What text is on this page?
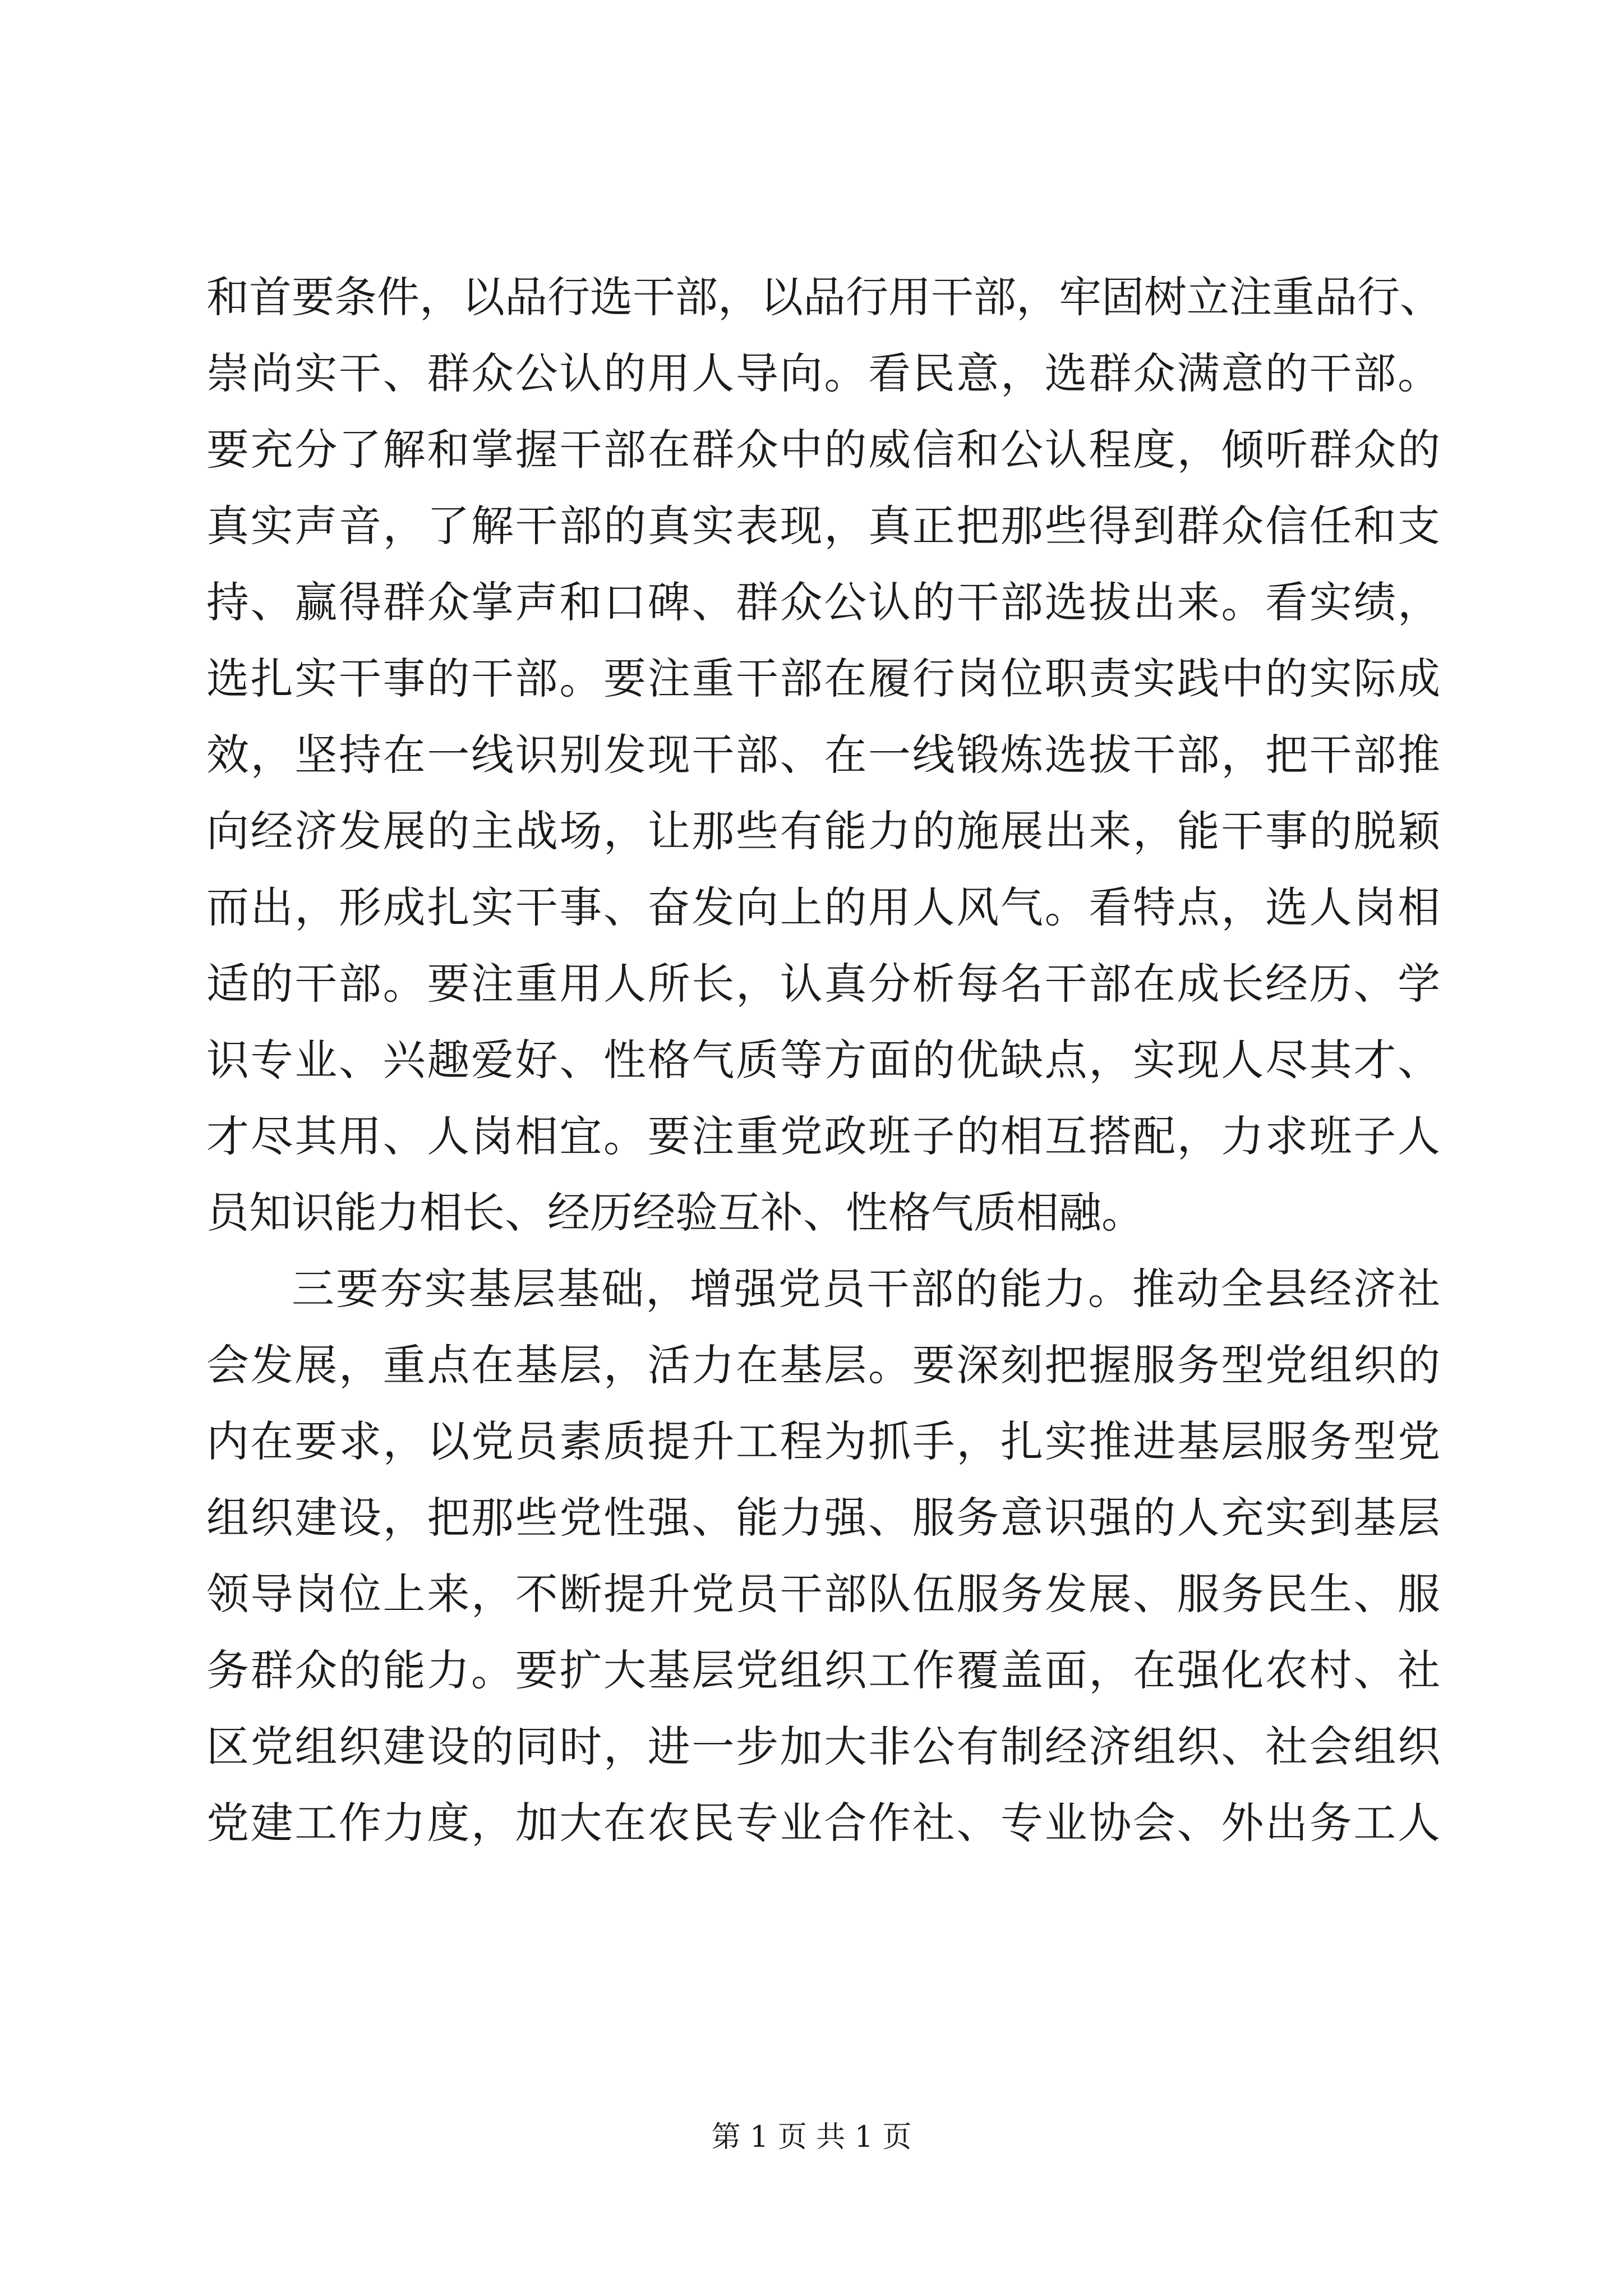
和首要条件，以品行选干部，以品行用干部，牢固树立注重品行、
崇尚实干、群众公认的用人导向。看民意，选群众满意的干部。
要充分了解和掌握干部在群众中的威信和公认程度，倾听群众的
真实声音，了解干部的真实表现，真正把那些得到群众信任和支
持、赢得群众掌声和口碑、群众公认的干部选拔出来。看实绩，
选扎实干事的干部。要注重干部在履行岗位职责实践中的实际成
效，坚持在一线识别发现干部、在一线锻炼选拔干部，把干部推
向经济发展的主战场，让那些有能力的施展出来，能干事的脱颖
而出，形成扎实干事、奋发向上的用人风气。看特点，选人岗相
适的干部。要注重用人所长，认真分析每名干部在成长经历、学
识专业、兴趣爱好、性格气质等方面的优缺点，实现人尽其才、
才尽其用、人岗相宜。要注重党政班子的相互搭配，力求班子人
员知识能力相长、经历经验互补、性格气质相融。
三要夯实基层基础，增强党员干部的能力。推动全县经济社
会发展，重点在基层，活力在基层。要深刻把握服务型党组织的
内在要求，以党员素质提升工程为抓手，扎实推进基层服务型党
组织建设，把那些党性强、能力强、服务意识强的人充实到基层
领导岗位上来，不断提升党员干部队伍服务发展、服务民生、服
务群众的能力。要扩大基层党组织工作覆盖面，在强化农村、社
区党组织建设的同时，进一步加大非公有制经济组织、社会组织
党建工作力度，加大在农民专业合作社、专业协会、外出务工人
第 1 页 共 1 页
